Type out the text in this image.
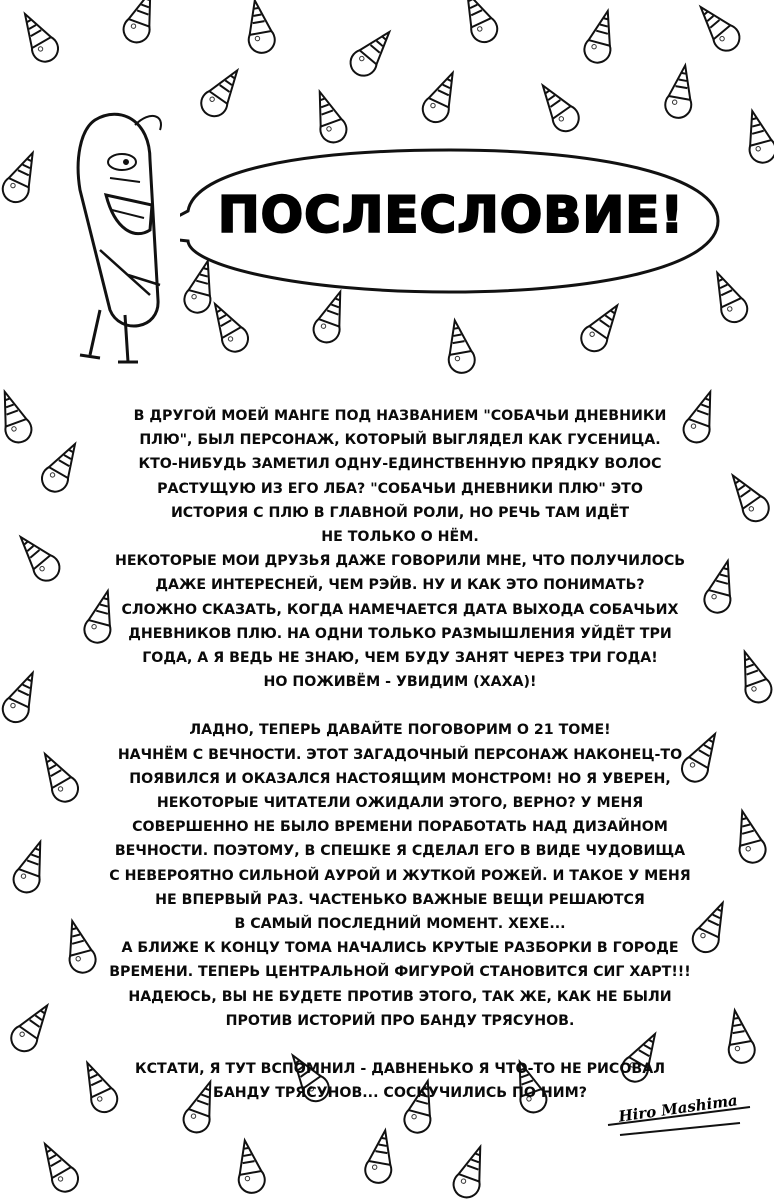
ПОСЛЕСЛОВИЕ!

В ДРУГОЙ МОЕЙ МАНГЕ ПОД НАЗВАНИЕМ "СОБАЧЬИ ДНЕВНИКИ
ПЛЮ", БЫЛ ПЕРСОНАЖ, КОТОРЫЙ ВЫГЛЯДЕЛ КАК ГУСЕНИЦА.
КТО-НИБУДЬ ЗАМЕТИЛ ОДНУ-ЕДИНСТВЕННУЮ ПРЯДКУ ВОЛОС
РАСТУЩУЮ ИЗ ЕГО ЛБА? "СОБАЧЬИ ДНЕВНИКИ ПЛЮ" ЭТО
ИСТОРИЯ С ПЛЮ В ГЛАВНОЙ РОЛИ, НО РЕЧЬ ТАМ ИДЁТ
НЕ ТОЛЬКО О НЁМ.
НЕКОТОРЫЕ МОИ ДРУЗЬЯ ДАЖЕ ГОВОРИЛИ МНЕ, ЧТО ПОЛУЧИЛОСЬ
ДАЖЕ ИНТЕРЕСНЕЙ, ЧЕМ РЭЙВ. НУ И КАК ЭТО ПОНИМАТЬ?
СЛОЖНО СКАЗАТЬ, КОГДА НАМЕЧАЕТСЯ ДАТА ВЫХОДА СОБАЧЬИХ
ДНЕВНИКОВ ПЛЮ. НА ОДНИ ТОЛЬКО РАЗМЫШЛЕНИЯ УЙДЁТ ТРИ
ГОДА, А Я ВЕДЬ НЕ ЗНАЮ, ЧЕМ БУДУ ЗАНЯТ ЧЕРЕЗ ТРИ ГОДА!
НО ПОЖИВЁМ - УВИДИМ (ХАХА)!

ЛАДНО, ТЕПЕРЬ ДАВАЙТЕ ПОГОВОРИМ О 21 ТОМЕ!
НАЧНЁМ С ВЕЧНОСТИ. ЭТОТ ЗАГАДОЧНЫЙ ПЕРСОНАЖ НАКОНЕЦ-ТО
ПОЯВИЛСЯ И ОКАЗАЛСЯ НАСТОЯЩИМ МОНСТРОМ! НО Я УВЕРЕН,
НЕКОТОРЫЕ ЧИТАТЕЛИ ОЖИДАЛИ ЭТОГО, ВЕРНО? У МЕНЯ
СОВЕРШЕННО НЕ БЫЛО ВРЕМЕНИ ПОРАБОТАТЬ НАД ДИЗАЙНОМ
ВЕЧНОСТИ. ПОЭТОМУ, В СПЕШКЕ Я СДЕЛАЛ ЕГО В ВИДЕ ЧУДОВИЩА
С НЕВЕРОЯТНО СИЛЬНОЙ АУРОЙ И ЖУТКОЙ РОЖЕЙ. И ТАКОЕ У МЕНЯ
НЕ ВПЕРВЫЙ РАЗ. ЧАСТЕНЬКО ВАЖНЫЕ ВЕЩИ РЕШАЮТСЯ
В САМЫЙ ПОСЛЕДНИЙ МОМЕНТ. ХЕХЕ...
А БЛИЖЕ К КОНЦУ ТОМА НАЧАЛИСЬ КРУТЫЕ РАЗБОРКИ В ГОРОДЕ
ВРЕМЕНИ. ТЕПЕРЬ ЦЕНТРАЛЬНОЙ ФИГУРОЙ СТАНОВИТСЯ СИГ ХАРТ!!!
НАДЕЮСЬ, ВЫ НЕ БУДЕТЕ ПРОТИВ ЭТОГО, ТАК ЖЕ, КАК НЕ БЫЛИ
ПРОТИВ ИСТОРИЙ ПРО БАНДУ ТРЯСУНОВ.

КСТАТИ, Я ТУТ ВСПОМНИЛ - ДАВНЕНЬКО Я ЧТО-ТО НЕ РИСОВАЛ
БАНДУ ТРЯСУНОВ... СОСКУЧИЛИСЬ ПО НИМ?	Hiro Mashima
